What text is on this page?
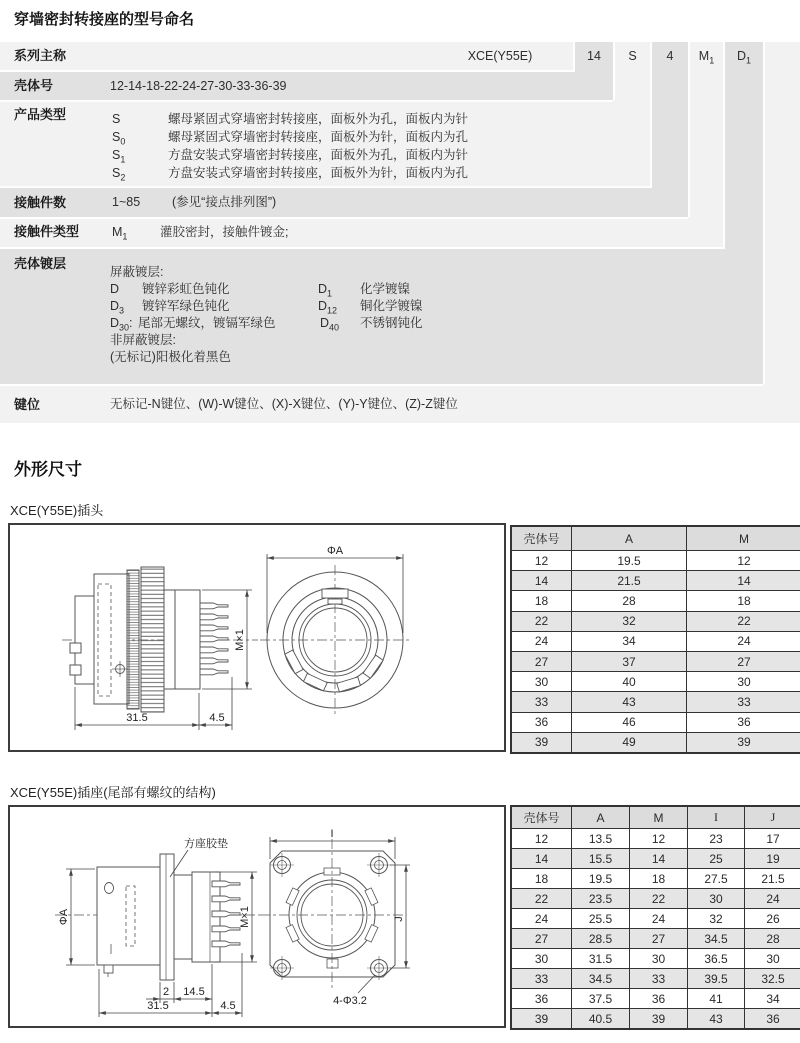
穿墙密封转接座的型号命名
系列主称	XCE(Y55E)	14	S	4	$M_1$	$D_1$
壳体号	12-14-18-22-24-27-30-33-36-39
产品类型	S	螺母紧固式穿墙密封转接座，面板外为孔，面板内为针
$S_0$	螺母紧固式穿墙密封转接座，面板外为针，面板内为孔
$S_1$	方盘安装式穿墙密封转接座，面板外为孔，面板内为针
$S_2$	方盘安装式穿墙密封转接座，面板外为针，面板内为孔
接触件数	1~85	(参见“接点排列图”)
接触件类型	$M_1$	灌胶密封，接触件镀金;
壳体镀层
屏蔽镀层:
D 镀锌彩虹色钝化
$D_3$ 镀锌军绿色钝化
$D_{30}$: 尾部无螺纹，镀镉军绿色
$D_1$ 化学镀镍
$D_{12}$ 铜化学镀镍
$D_{40}$ 不锈钢钝化
非屏蔽镀层:
(无标记)阳极化着黑色
键位	无标记-N键位、(W)-W键位、(X)-X键位、(Y)-Y键位、(Z)-Z键位
外形尺寸
XCE(Y55E)插头
M×1
31.5	4.5
ΦA
壳体号	A	M
12	19.5	12
14	21.5	14
18	28	18
22	32	22
24	34	24
27	37	27
30	40	30
33	43	33
36	46	36
39	49	39
XCE(Y55E)插座(尾部有螺纹的结构)
方座胶垫
ΦA	M×1
2 14.5
31.5	4.5
I
J
4-Φ3.2
壳体号	A	M	I	J
12	13.5	12	23	17
14	15.5	14	25	19
18	19.5	18	27.5	21.5
22	23.5	22	30	24
24	25.5	24	32	26
27	28.5	27	34.5	28
30	31.5	30	36.5	30
33	34.5	33	39.5	32.5
36	37.5	36	41	34
39	40.5	39	43	36
